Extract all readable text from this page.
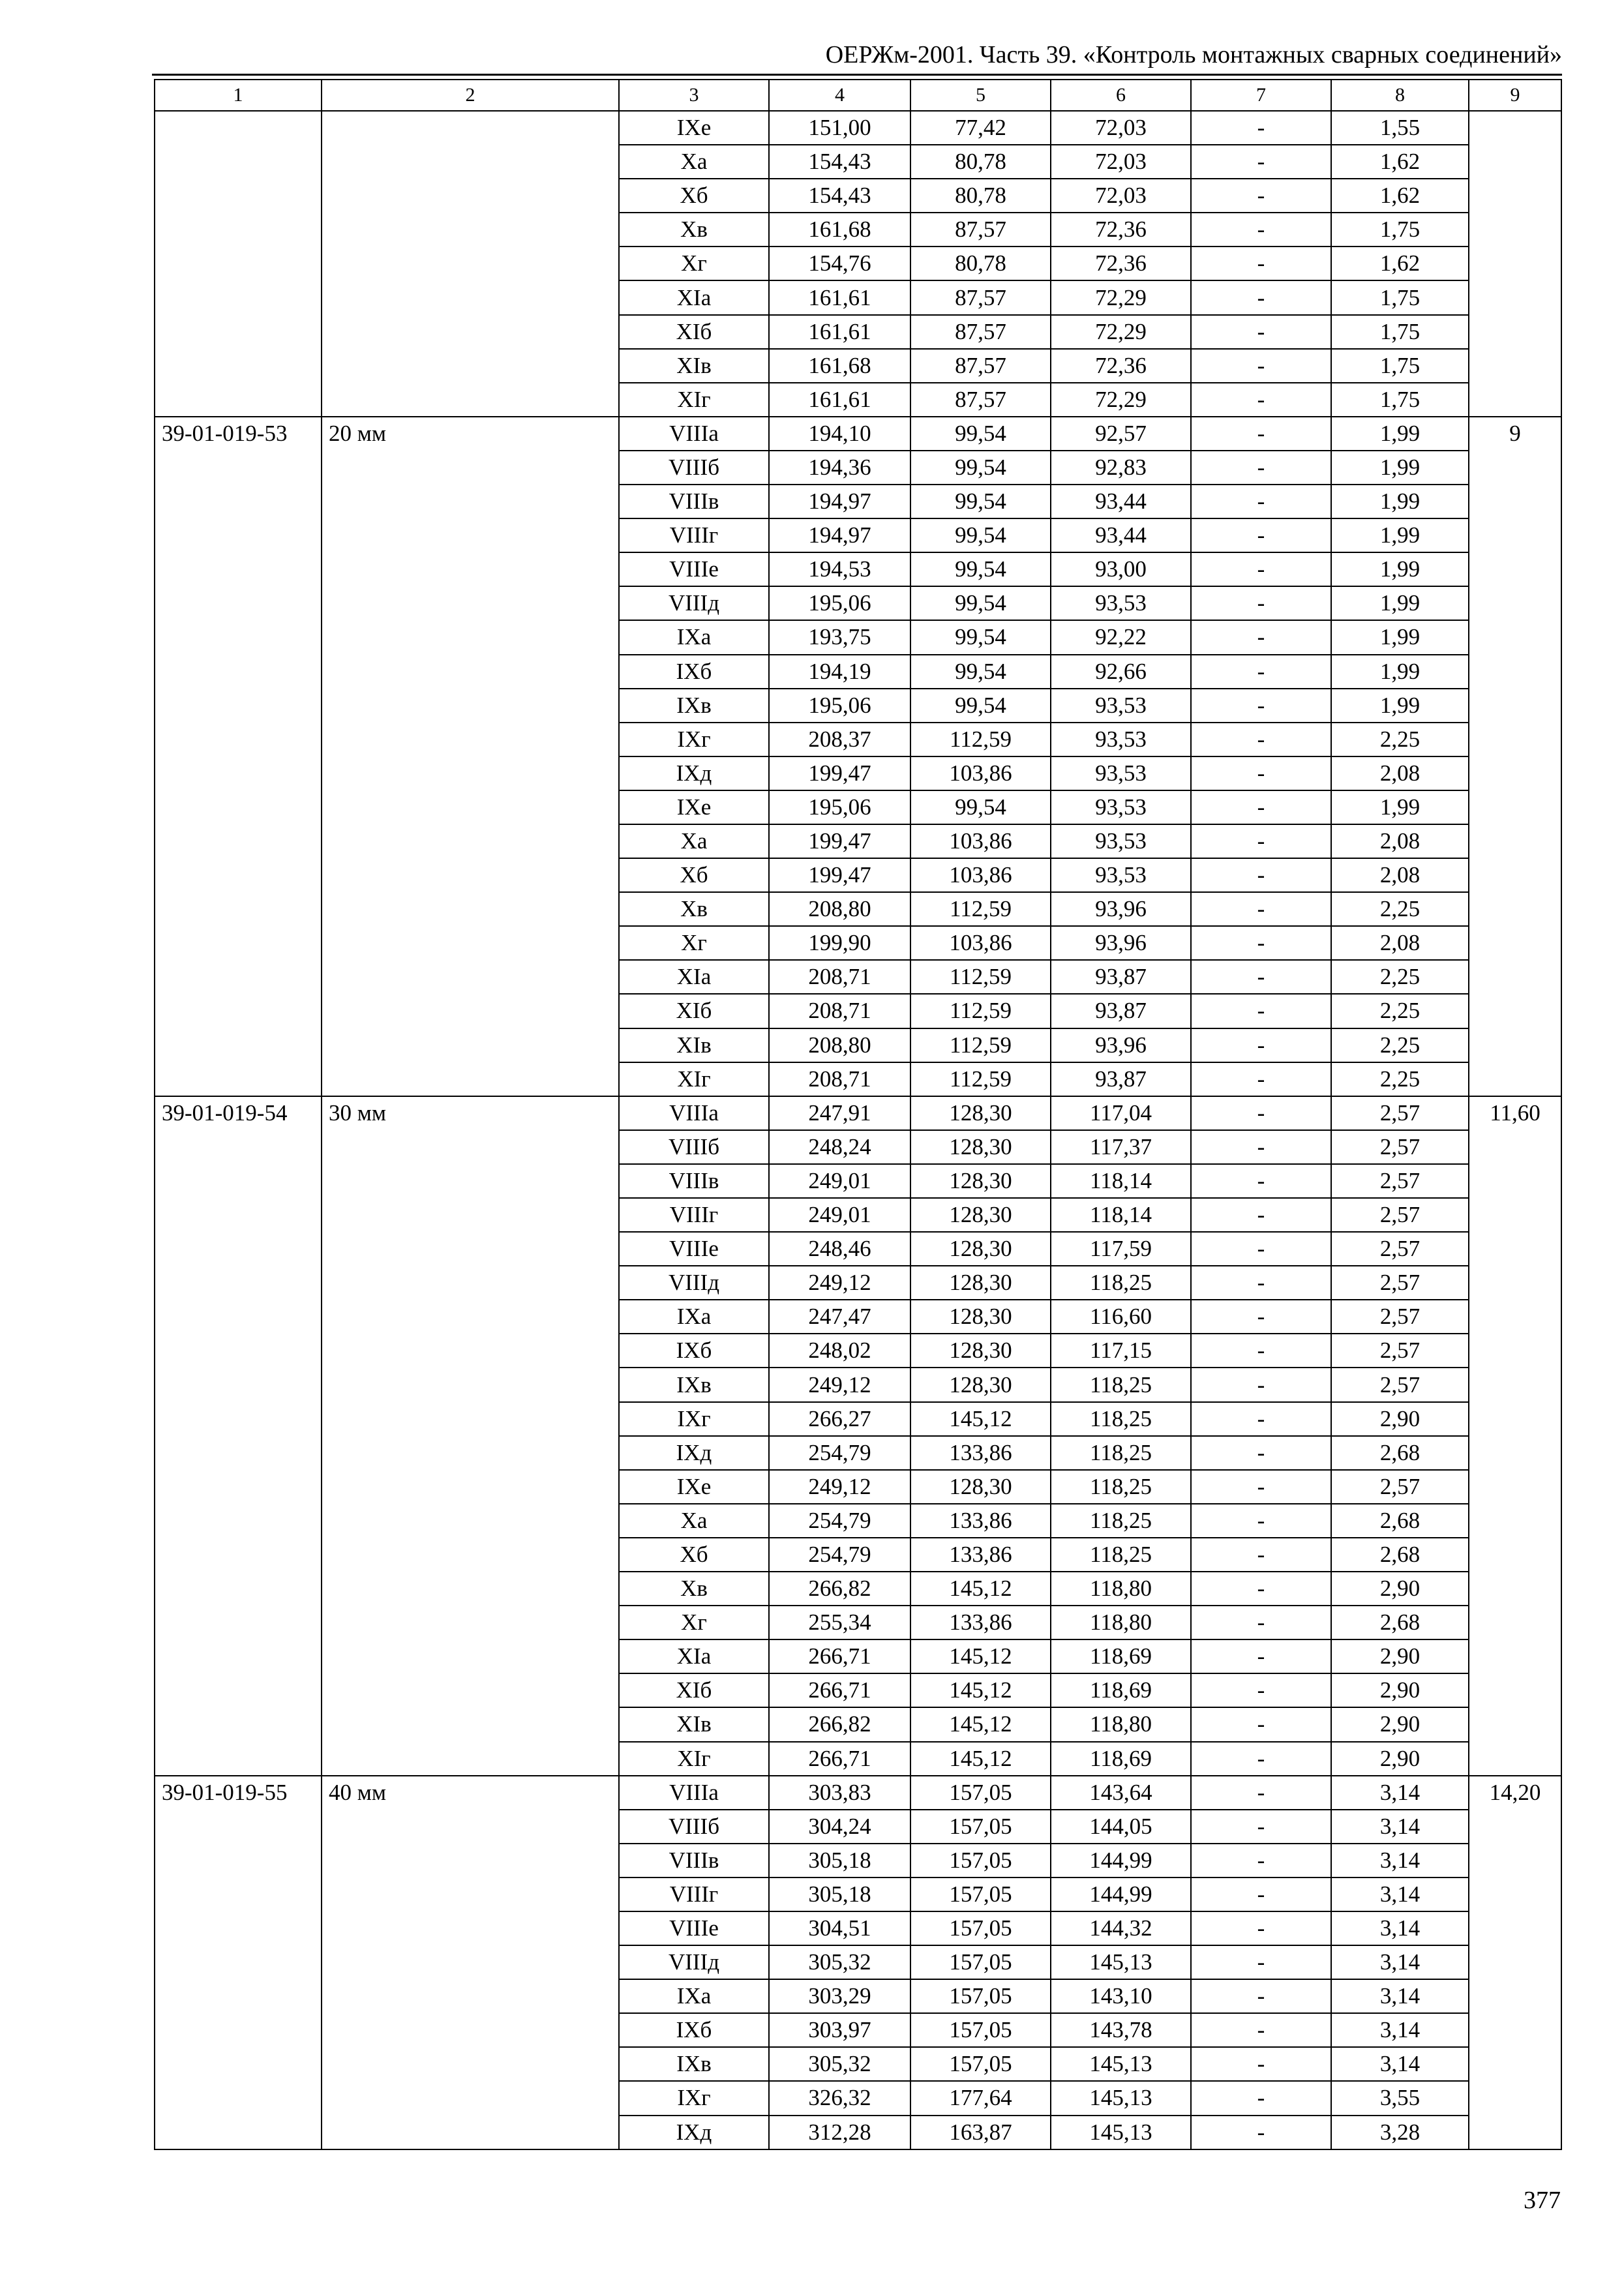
ОЕРЖм-2001. Часть 39. «Контроль монтажных сварных соединений»
1	2	3	4	5	6	7	8	9
		IXе	151,00	77,42	72,03	-	1,55	
		Xа	154,43	80,78	72,03	-	1,62	
		Xб	154,43	80,78	72,03	-	1,62	
		Xв	161,68	87,57	72,36	-	1,75	
		Xг	154,76	80,78	72,36	-	1,62	
		XIа	161,61	87,57	72,29	-	1,75	
		XIб	161,61	87,57	72,29	-	1,75	
		XIв	161,68	87,57	72,36	-	1,75	
		XIг	161,61	87,57	72,29	-	1,75	
39-01-019-53	20 мм	VIIIа	194,10	99,54	92,57	-	1,99	9
		VIIIб	194,36	99,54	92,83	-	1,99	
		VIIIв	194,97	99,54	93,44	-	1,99	
		VIIIг	194,97	99,54	93,44	-	1,99	
		VIIIе	194,53	99,54	93,00	-	1,99	
		VIIIд	195,06	99,54	93,53	-	1,99	
		IXа	193,75	99,54	92,22	-	1,99	
		IXб	194,19	99,54	92,66	-	1,99	
		IXв	195,06	99,54	93,53	-	1,99	
		IXг	208,37	112,59	93,53	-	2,25	
		IXд	199,47	103,86	93,53	-	2,08	
		IXе	195,06	99,54	93,53	-	1,99	
		Xа	199,47	103,86	93,53	-	2,08	
		Xб	199,47	103,86	93,53	-	2,08	
		Xв	208,80	112,59	93,96	-	2,25	
		Xг	199,90	103,86	93,96	-	2,08	
		XIа	208,71	112,59	93,87	-	2,25	
		XIб	208,71	112,59	93,87	-	2,25	
		XIв	208,80	112,59	93,96	-	2,25	
		XIг	208,71	112,59	93,87	-	2,25	
39-01-019-54	30 мм	VIIIа	247,91	128,30	117,04	-	2,57	11,60
		VIIIб	248,24	128,30	117,37	-	2,57	
		VIIIв	249,01	128,30	118,14	-	2,57	
		VIIIг	249,01	128,30	118,14	-	2,57	
		VIIIе	248,46	128,30	117,59	-	2,57	
		VIIIд	249,12	128,30	118,25	-	2,57	
		IXа	247,47	128,30	116,60	-	2,57	
		IXб	248,02	128,30	117,15	-	2,57	
		IXв	249,12	128,30	118,25	-	2,57	
		IXг	266,27	145,12	118,25	-	2,90	
		IXд	254,79	133,86	118,25	-	2,68	
		IXе	249,12	128,30	118,25	-	2,57	
		Xа	254,79	133,86	118,25	-	2,68	
		Xб	254,79	133,86	118,25	-	2,68	
		Xв	266,82	145,12	118,80	-	2,90	
		Xг	255,34	133,86	118,80	-	2,68	
		XIа	266,71	145,12	118,69	-	2,90	
		XIб	266,71	145,12	118,69	-	2,90	
		XIв	266,82	145,12	118,80	-	2,90	
		XIг	266,71	145,12	118,69	-	2,90	
39-01-019-55	40 мм	VIIIа	303,83	157,05	143,64	-	3,14	14,20
		VIIIб	304,24	157,05	144,05	-	3,14	
		VIIIв	305,18	157,05	144,99	-	3,14	
		VIIIг	305,18	157,05	144,99	-	3,14	
		VIIIе	304,51	157,05	144,32	-	3,14	
		VIIIд	305,32	157,05	145,13	-	3,14	
		IXа	303,29	157,05	143,10	-	3,14	
		IXб	303,97	157,05	143,78	-	3,14	
		IXв	305,32	157,05	145,13	-	3,14	
		IXг	326,32	177,64	145,13	-	3,55	
		IXд	312,28	163,87	145,13	-	3,28	
377
